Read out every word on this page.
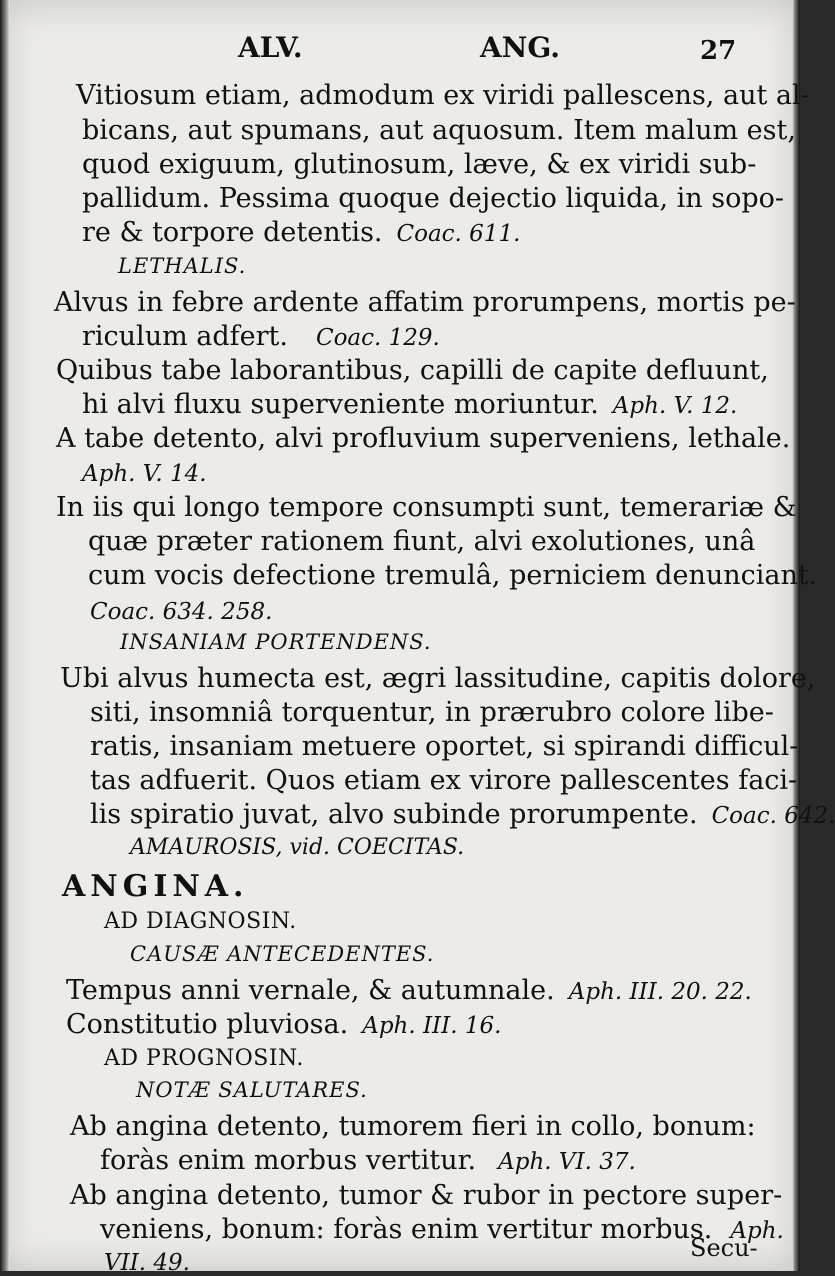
ALV.	ANG.	27
Vitiosum etiam, admodum ex viridi pallescens, aut al-
bicans, aut spumans, aut aquosum. Item malum est,
quod exiguum, glutinosum, læve, & ex viridi sub-
pallidum. Pessima quoque dejectio liquida, in sopo-
re & torpore detentis. Coac. 611.
LETHALIS.
Alvus in febre ardente affatim prorumpens, mortis pe-
riculum adfert. Coac. 129.
Quibus tabe laborantibus, capilli de capite defluunt,
hi alvi fluxu superveniente moriuntur. Aph. V. 12.
A tabe detento, alvi profluvium superveniens, lethale.
Aph. V. 14.
In iis qui longo tempore consumpti sunt, temerariæ &
quæ præter rationem fiunt, alvi exolutiones, unâ
cum vocis defectione tremulâ, perniciem denunciant.
Coac. 634. 258.
INSANIAM PORTENDENS.
Ubi alvus humecta est, ægri lassitudine, capitis dolore,
siti, insomniâ torquentur, in prærubro colore libe-
ratis, insaniam metuere oportet, si spirandi difficul-
tas adfuerit. Quos etiam ex virore pallescentes faci-
lis spiratio juvat, alvo subinde prorumpente. Coac. 642.
AMAUROSIS, vid. COECITAS.
ANGINA.
AD DIAGNOSIN.
CAUSÆ ANTECEDENTES.
Tempus anni vernale, & autumnale. Aph. III. 20. 22.
Constitutio pluviosa. Aph. III. 16.
AD PROGNOSIN.
NOTÆ SALUTARES.
Ab angina detento, tumorem fieri in collo, bonum:
foràs enim morbus vertitur. Aph. VI. 37.
Ab angina detento, tumor & rubor in pectore super-
veniens, bonum: foràs enim vertitur morbus. Aph.
VII. 49.
Secu-
